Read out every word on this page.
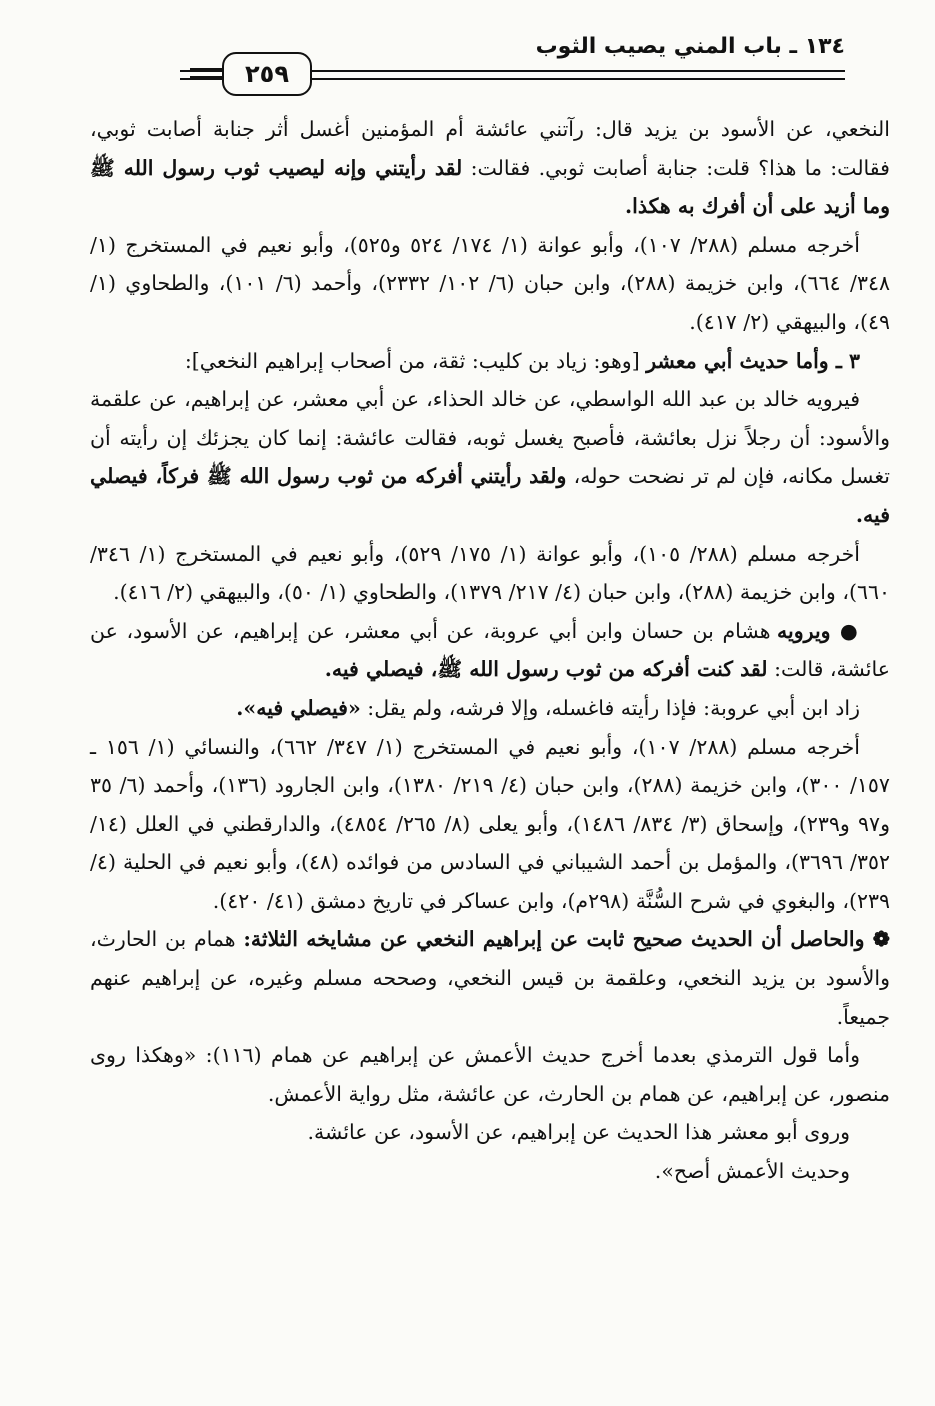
٢٥٩
١٣٤ ـ باب المني يصيب الثوب

النخعي، عن الأسود بن يزيد قال: رآتني عائشة أم المؤمنين أغسل أثر جنابة أصابت ثوبي، فقالت: ما هذا؟ قلت: جنابة أصابت ثوبي. فقالت: لقد رأيتني وإنه ليصيب ثوب رسول الله ﷺ وما أزيد على أن أفرك به هكذا.

أخرجه مسلم (٢٨٨/ ١٠٧)، وأبو عوانة (١/ ١٧٤/ ٥٢٤ و٥٢٥)، وأبو نعيم في المستخرج (١/ ٣٤٨/ ٦٦٤)، وابن خزيمة (٢٨٨)، وابن حبان (٦/ ١٠٢/ ٢٣٣٢)، وأحمد (٦/ ١٠١)، والطحاوي (١/ ٤٩)، والبيهقي (٢/ ٤١٧).

٣ ـ وأما حديث أبي معشر [وهو: زياد بن كليب: ثقة، من أصحاب إبراهيم النخعي]:

فيرويه خالد بن عبد الله الواسطي، عن خالد الحذاء، عن أبي معشر، عن إبراهيم، عن علقمة والأسود: أن رجلاً نزل بعائشة، فأصبح يغسل ثوبه، فقالت عائشة: إنما كان يجزئك إن رأيته أن تغسل مكانه، فإن لم تر نضحت حوله، ولقد رأيتني أفركه من ثوب رسول الله ﷺ فركاً، فيصلي فيه.

أخرجه مسلم (٢٨٨/ ١٠٥)، وأبو عوانة (١/ ١٧٥/ ٥٢٩)، وأبو نعيم في المستخرج (١/ ٣٤٦/ ٦٦٠)، وابن خزيمة (٢٨٨)، وابن حبان (٤/ ٢١٧/ ١٣٧٩)، والطحاوي (١/ ٥٠)، والبيهقي (٢/ ٤١٦).

● ويرويه هشام بن حسان وابن أبي عروبة، عن أبي معشر، عن إبراهيم، عن الأسود، عن عائشة، قالت: لقد كنت أفركه من ثوب رسول الله ﷺ، فيصلي فيه.

زاد ابن أبي عروبة: فإذا رأيته فاغسله، وإلا فرشه، ولم يقل: «فيصلي فيه».

أخرجه مسلم (٢٨٨/ ١٠٧)، وأبو نعيم في المستخرج (١/ ٣٤٧/ ٦٦٢)، والنسائي (١/ ١٥٦ ـ ١٥٧/ ٣٠٠)، وابن خزيمة (٢٨٨)، وابن حبان (٤/ ٢١٩/ ١٣٨٠)، وابن الجارود (١٣٦)، وأحمد (٦/ ٣٥ و٩٧ و٢٣٩)، وإسحاق (٣/ ٨٣٤/ ١٤٨٦)، وأبو يعلى (٨/ ٢٦٥/ ٤٨٥٤)، والدارقطني في العلل (١٤/ ٣٥٢/ ٣٦٩٦)، والمؤمل بن أحمد الشيباني في السادس من فوائده (٤٨)، وأبو نعيم في الحلية (٤/ ٢٣٩)، والبغوي في شرح السُّنَّة (٢٩٨م)، وابن عساكر في تاريخ دمشق (٤١/ ٤٢٠).

❁ والحاصل أن الحديث صحيح ثابت عن إبراهيم النخعي عن مشايخه الثلاثة: همام بن الحارث، والأسود بن يزيد النخعي، وعلقمة بن قيس النخعي، وصححه مسلم وغيره، عن إبراهيم عنهم جميعاً.

وأما قول الترمذي بعدما أخرج حديث الأعمش عن إبراهيم عن همام (١١٦): «وهكذا روى منصور، عن إبراهيم، عن همام بن الحارث، عن عائشة، مثل رواية الأعمش.

وروى أبو معشر هذا الحديث عن إبراهيم، عن الأسود، عن عائشة.

وحديث الأعمش أصح».
